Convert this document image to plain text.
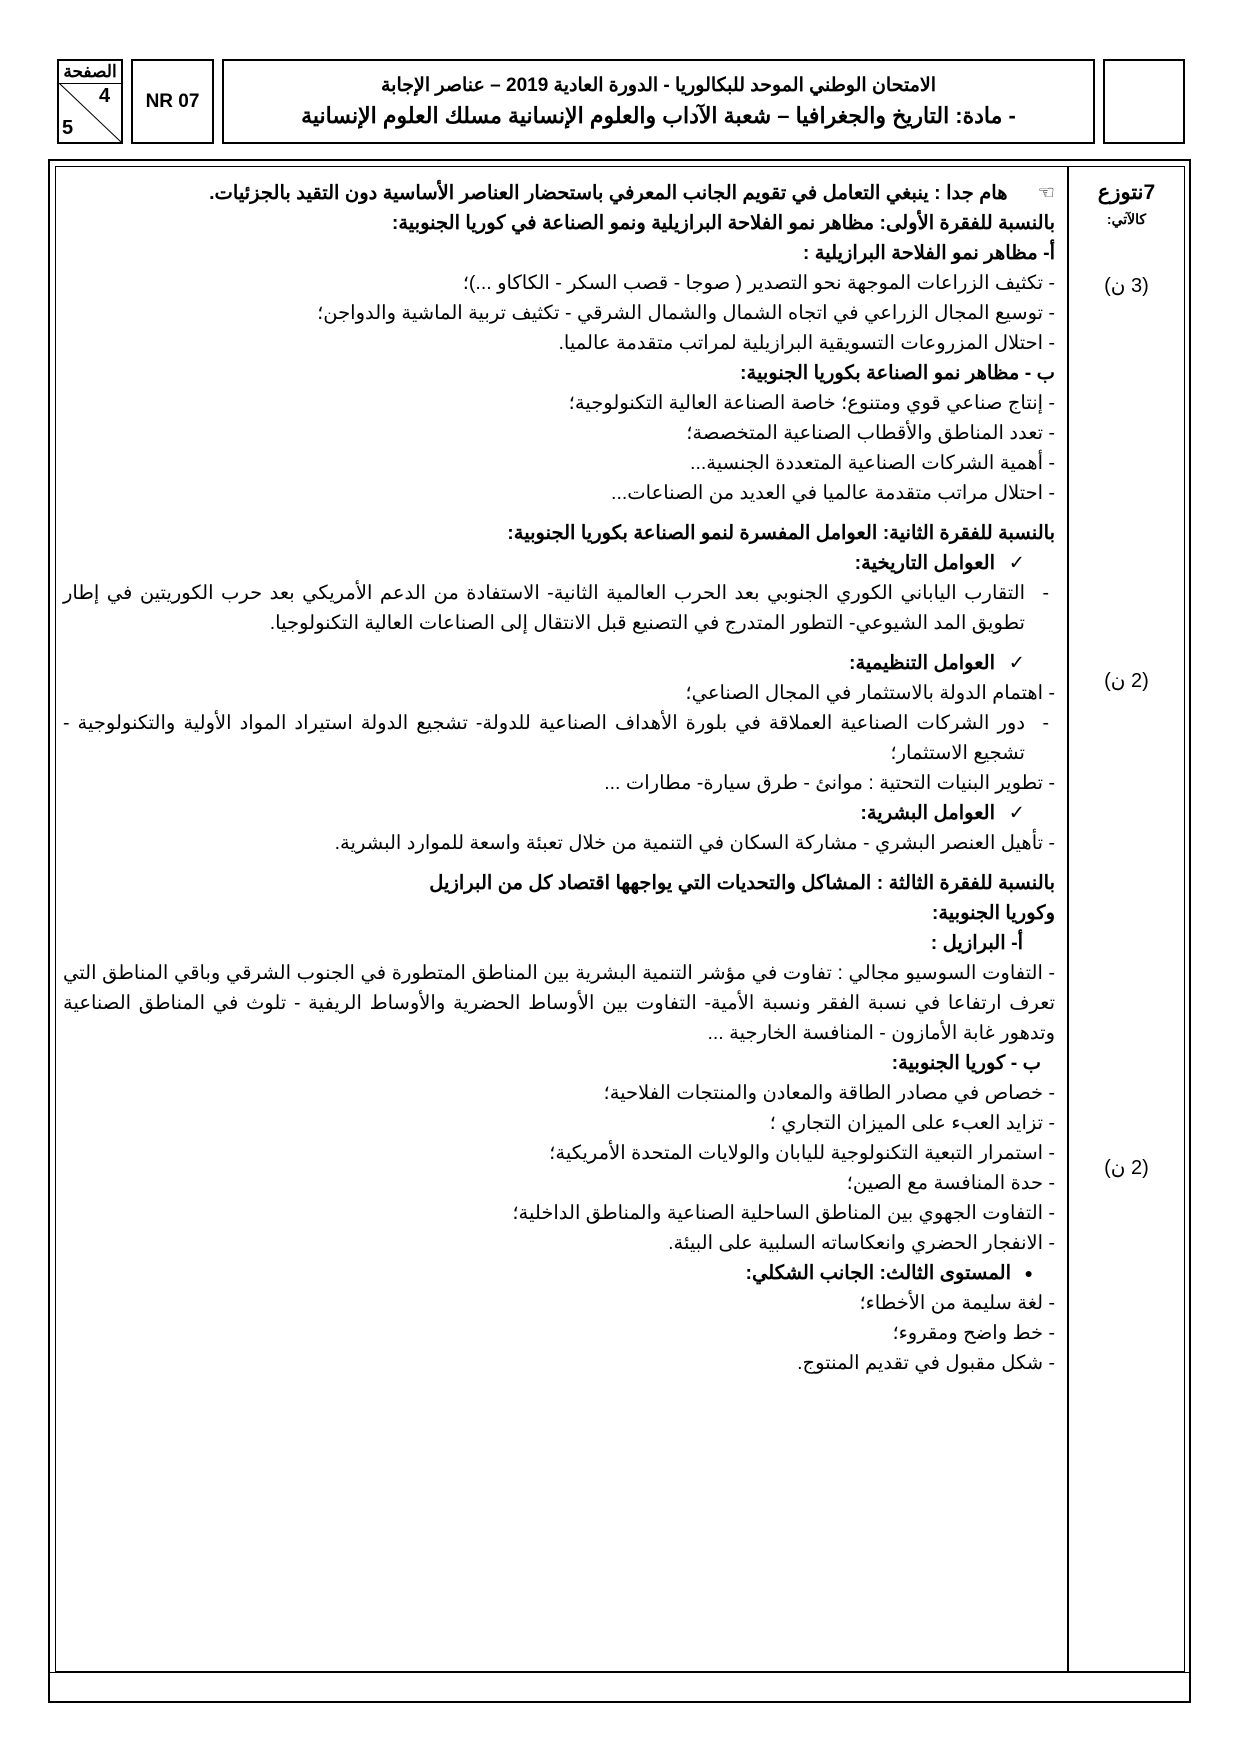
الصفحة
4
5
NR 07
الامتحان الوطني الموحد للبكالوريا - الدورة العادية 2019 – عناصر الإجابة
- مادة: التاريخ والجغرافيا – شعبة الآداب والعلوم الإنسانية مسلك العلوم الإنسانية
7نتوزع
كالآتي:
(3 ن)
(2 ن)
(2 ن)

☜هام جدا : ينبغي التعامل في تقويم الجانب المعرفي باستحضار العناصر الأساسية دون التقيد بالجزئيات.

بالنسبة للفقرة الأولى: مظاهر نمو الفلاحة البرازيلية ونمو الصناعة في كوريا الجنوبية:

أ- مظاهر نمو الفلاحة البرازيلية :

- تكثيف الزراعات الموجهة نحو التصدير ( صوجا - قصب السكر - الكاكاو ...)؛

- توسيع المجال الزراعي في اتجاه الشمال والشمال الشرقي - تكثيف تربية الماشية والدواجن؛

- احتلال المزروعات التسويقية البرازيلية لمراتب متقدمة عالميا.

ب - مظاهر نمو الصناعة بكوريا الجنوبية:

- إنتاج صناعي قوي ومتنوع؛ خاصة الصناعة العالية التكنولوجية؛

- تعدد المناطق والأقطاب الصناعية المتخصصة؛

- أهمية الشركات الصناعية المتعددة الجنسية...

- احتلال مراتب متقدمة عالميا في العديد من الصناعات...

بالنسبة للفقرة الثانية: العوامل المفسرة لنمو الصناعة بكوريا الجنوبية:

✓
العوامل التاريخية:

-
التقارب الياباني الكوري الجنوبي بعد الحرب العالمية الثانية- الاستفادة من الدعم الأمريكي بعد حرب الكوريتين في إطار تطويق المد الشيوعي- التطور المتدرج في التصنيع قبل الانتقال إلى الصناعات العالية التكنولوجيا.

✓
العوامل التنظيمية:

- اهتمام الدولة بالاستثمار في المجال الصناعي؛

-
دور الشركات الصناعية العملاقة في بلورة الأهداف الصناعية للدولة- تشجيع الدولة استيراد المواد الأولية والتكنولوجية - تشجيع الاستثمار؛

- تطوير البنيات التحتية : موانئ - طرق سيارة- مطارات ...

✓
العوامل البشرية:

- تأهيل العنصر البشري - مشاركة السكان في التنمية من خلال تعبئة واسعة للموارد البشرية.

بالنسبة للفقرة الثالثة : المشاكل والتحديات التي يواجهها اقتصاد كل من البرازيل وكوريا الجنوبية:

أ- البرازيل :

- التفاوت السوسيو مجالي : تفاوت في مؤشر التنمية البشرية بين المناطق المتطورة في الجنوب الشرقي وباقي المناطق التي تعرف ارتفاعا في نسبة الفقر ونسبة الأمية- التفاوت بين الأوساط الحضرية والأوساط الريفية - تلوث في المناطق الصناعية وتدهور غابة الأمازون - المنافسة الخارجية ...

ب - كوريا الجنوبية:

- خصاص في مصادر الطاقة والمعادن والمنتجات الفلاحية؛

- تزايد العبء على الميزان التجاري ؛

- استمرار التبعية التكنولوجية لليابان والولايات المتحدة الأمريكية؛

- حدة المنافسة مع الصين؛

- التفاوت الجهوي بين المناطق الساحلية الصناعية والمناطق الداخلية؛

- الانفجار الحضري وانعكاساته السلبية على البيئة.

●
المستوى الثالث: الجانب الشكلي:

- لغة سليمة من الأخطاء؛

- خط واضح ومقروء؛

- شكل مقبول في تقديم المنتوج.
